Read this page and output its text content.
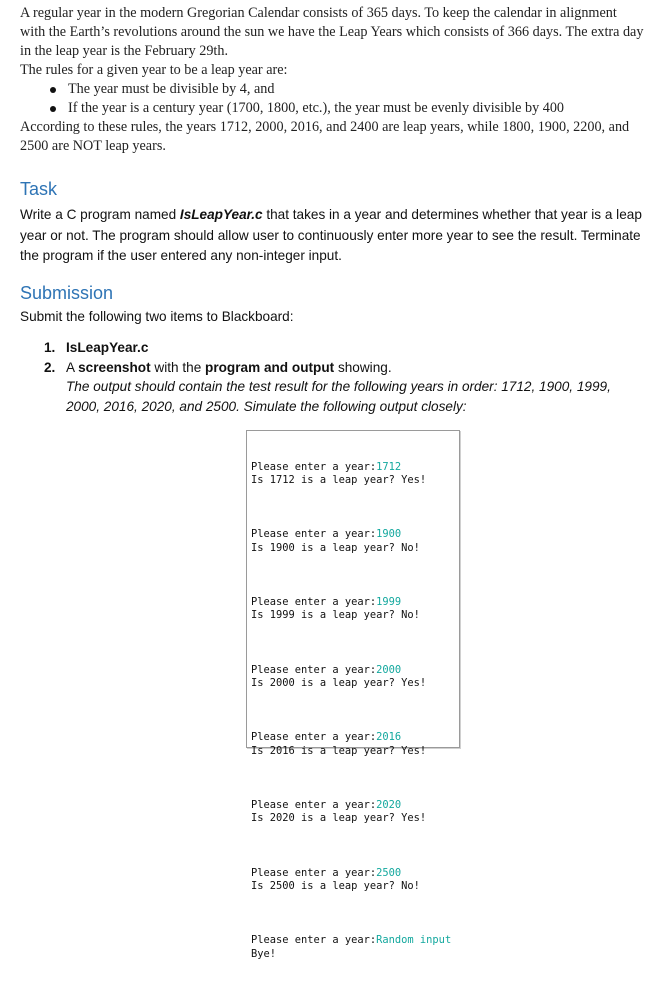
A regular year in the modern Gregorian Calendar consists of 365 days. To keep the calendar in alignment with the Earth’s revolutions around the sun we have the Leap Years which consists of 366 days. The extra day in the leap year is the February 29th.

The rules for a given year to be a leap year are:

The year must be divisible by 4, and
If the year is a century year (1700, 1800, etc.), the year must be evenly divisible by 400

According to these rules, the years 1712, 2000, 2016, and 2400 are leap years, while 1800, 1900, 2200, and 2500 are NOT leap years.

Task
Write a C program named IsLeapYear.c that takes in a year and determines whether that year is a leap year or not. The program should allow user to continuously enter more year to see the result. Terminate the program if the user entered any non-integer input.
Submission
Submit the following two items to Blackboard:
1. IsLeapYear.c
2. A screenshot with the program and output showing.
The output should contain the test result for the following years in order: 1712, 1900, 1999, 2000, 2016, 2020, and 2500. Simulate the following output closely:

Please enter a year:1712
Is 1712 is a leap year? Yes!

Please enter a year:1900
Is 1900 is a leap year? No!

Please enter a year:1999
Is 1999 is a leap year? No!

Please enter a year:2000
Is 2000 is a leap year? Yes!

Please enter a year:2016
Is 2016 is a leap year? Yes!

Please enter a year:2020
Is 2020 is a leap year? Yes!

Please enter a year:2500
Is 2500 is a leap year? No!

Please enter a year:Random input
Bye!
